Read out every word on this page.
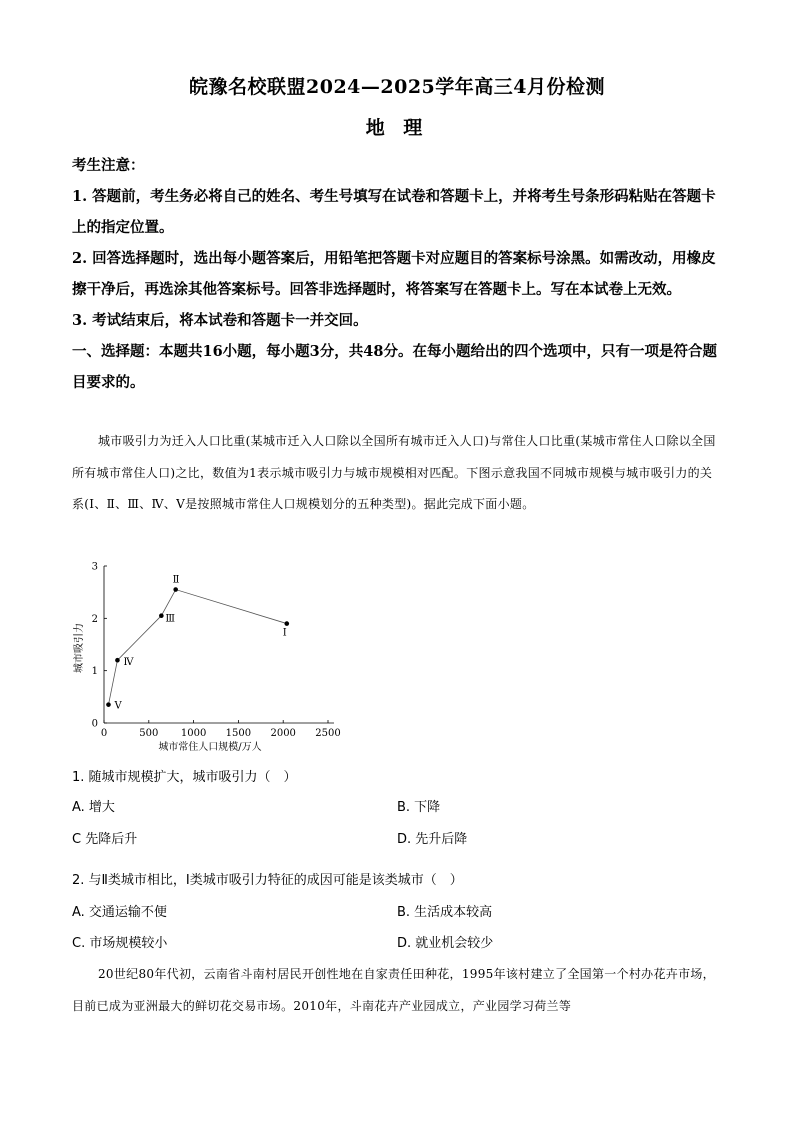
皖豫名校联盟2024—2025学年高三4月份检测
地 理

考生注意：

1. 答题前，考生务必将自己的姓名、考生号填写在试卷和答题卡上，并将考生号条形码粘贴在答题卡上的指定位置。

2. 回答选择题时，选出每小题答案后，用铅笔把答题卡对应题目的答案标号涂黑。如需改动，用橡皮擦干净后，再选涂其他答案标号。回答非选择题时，将答案写在答题卡上。写在本试卷上无效。

3. 考试结束后，将本试卷和答题卡一并交回。

一、选择题：本题共16小题，每小题3分，共48分。在每小题给出的四个选项中，只有一项是符合题目要求的。

城市吸引力为迁入人口比重(某城市迁入人口除以全国所有城市迁入人口)与常住人口比重(某城市常住人口除以全国所有城市常住人口)之比，数值为1表示城市吸引力与城市规模相对匹配。下图示意我国不同城市规模与城市吸引力的关系(Ⅰ、Ⅱ、Ⅲ、Ⅳ、Ⅴ是按照城市常住人口规模划分的五种类型)。据此完成下面小题。
0
1
2
3
0	500 1000 1500 2000 2500
Ⅴ
Ⅳ
Ⅲ
Ⅱ
Ⅰ
城市吸引力
城市常住人口规模/万人
1. 随城市规模扩大，城市吸引力（　）
A. 增大	B. 下降
C 先降后升	D. 先升后降
2. 与Ⅱ类城市相比，Ⅰ类城市吸引力特征的成因可能是该类城市（　）
A. 交通运输不便	B. 生活成本较高
C. 市场规模较小	D. 就业机会较少
20世纪80年代初，云南省斗南村居民开创性地在自家责任田种花，1995年该村建立了全国第一个村办花卉市场，目前已成为亚洲最大的鲜切花交易市场。2010年，斗南花卉产业园成立，产业园学习荷兰等
